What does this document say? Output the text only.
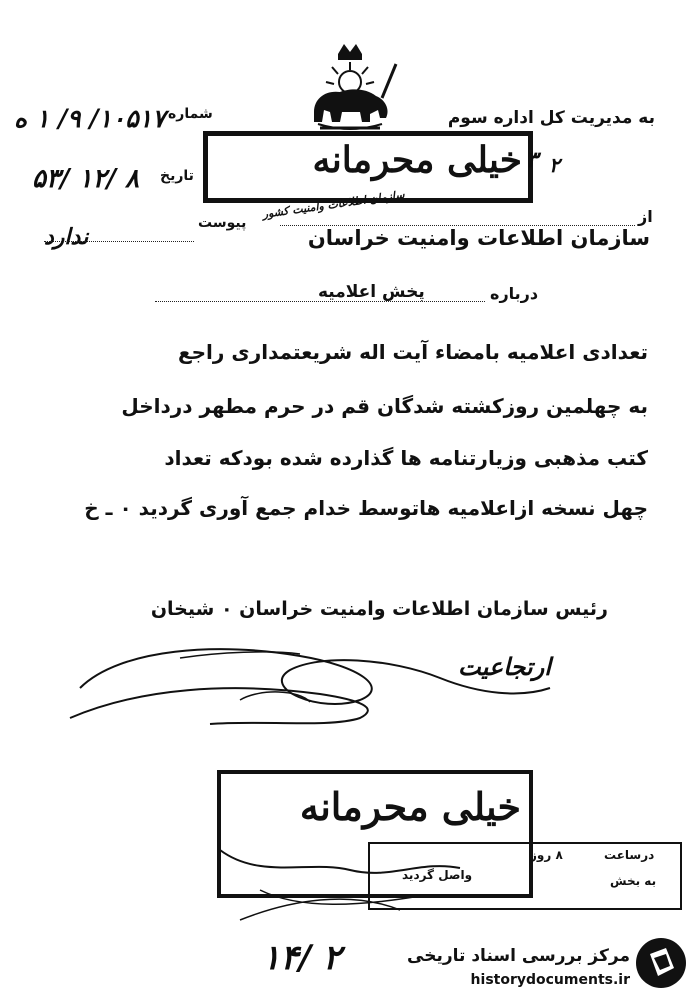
به مدیریت کل اداره سوم
شماره
۱۰۵۱۷/ ۹/ ۱ ه
تاریخ
۵۳/ ۱۲/ ۸	خیلی محرمانه
سازمان اطلاعات وامنیت کشور
۳ ۲
پیوست
ندارد
از
سازمان اطلاعات وامنیت خراسان
درباره
پخش اعلامیه
تعدادی اعلامیه بامضاء آیت اله شریعتمداری راجع
به چهلمین روزکشته شدگان قم در حرم مطهر درداخل
کتب مذهبی وزیارتنامه ها گذارده شده بودکه تعداد
چهل نسخه ازاعلامیه هاتوسط خدام جمع آوری گردید ۰ ـ خ
رئیس سازمان اطلاعات وامنیت خراسان ۰ شیخان
ارتجاعیت
خیلی محرمانه
درساعت
۸ روز
به بخش
واصل گردید
۱۴/ ۲	مرکز بررسی اسناد تاریخی
historydocuments.ir
